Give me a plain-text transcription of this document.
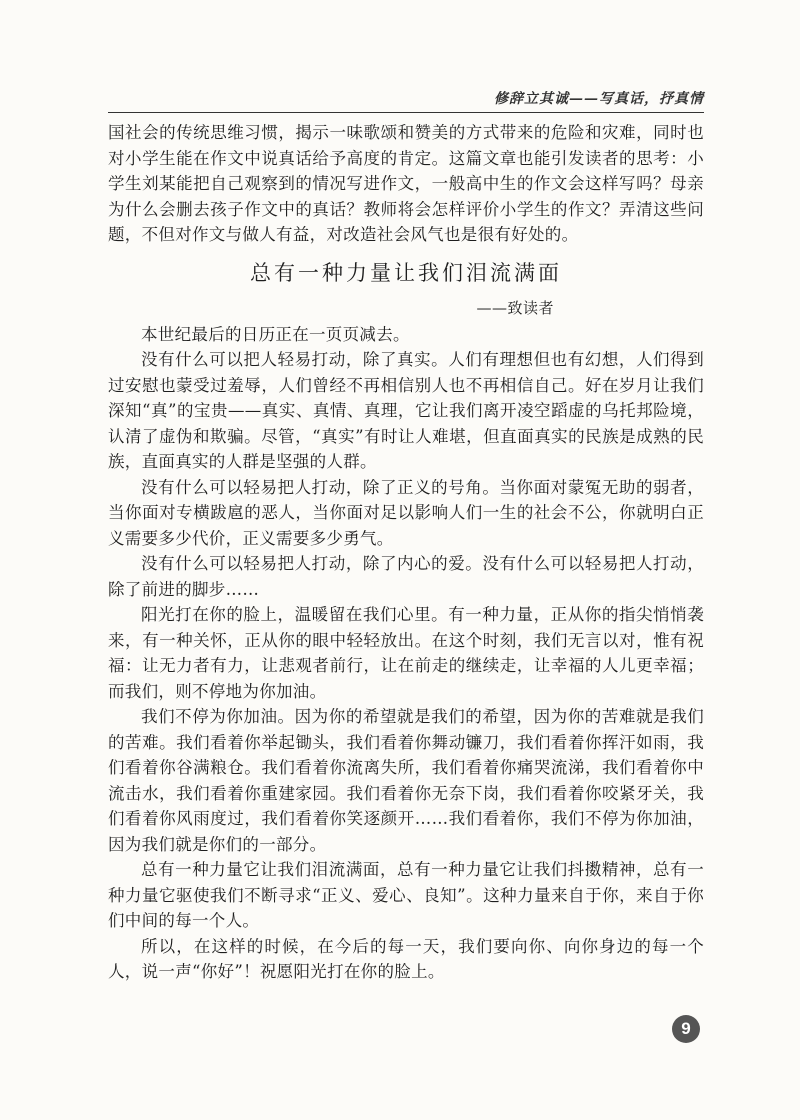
修辞立其诚——写真话，抒真情

国社会的传统思维习惯，揭示一味歌颂和赞美的方式带来的危险和灾难，同时也对小学生能在作文中说真话给予高度的肯定。这篇文章也能引发读者的思考：小学生刘某能把自己观察到的情况写进作文，一般高中生的作文会这样写吗？母亲为什么会删去孩子作文中的真话？教师将会怎样评价小学生的作文？弄清这些问题，不但对作文与做人有益，对改造社会风气也是很有好处的。

总有一种力量让我们泪流满面
——致读者

本世纪最后的日历正在一页页减去。

没有什么可以把人轻易打动，除了真实。人们有理想但也有幻想，人们得到过安慰也蒙受过羞辱，人们曾经不再相信别人也不再相信自己。好在岁月让我们深知“真”的宝贵——真实、真情、真理，它让我们离开凌空蹈虚的乌托邦险境，认清了虚伪和欺骗。尽管，“真实”有时让人难堪，但直面真实的民族是成熟的民族，直面真实的人群是坚强的人群。

没有什么可以轻易把人打动，除了正义的号角。当你面对蒙冤无助的弱者，当你面对专横跋扈的恶人，当你面对足以影响人们一生的社会不公，你就明白正义需要多少代价，正义需要多少勇气。

没有什么可以轻易把人打动，除了内心的爱。没有什么可以轻易把人打动，除了前进的脚步……

阳光打在你的脸上，温暖留在我们心里。有一种力量，正从你的指尖悄悄袭来，有一种关怀，正从你的眼中轻轻放出。在这个时刻，我们无言以对，惟有祝福：让无力者有力，让悲观者前行，让在前走的继续走，让幸福的人儿更幸福；而我们，则不停地为你加油。

我们不停为你加油。因为你的希望就是我们的希望，因为你的苦难就是我们的苦难。我们看着你举起锄头，我们看着你舞动镰刀，我们看着你挥汗如雨，我们看着你谷满粮仓。我们看着你流离失所，我们看着你痛哭流涕，我们看着你中流击水，我们看着你重建家园。我们看着你无奈下岗，我们看着你咬紧牙关，我们看着你风雨度过，我们看着你笑逐颜开……我们看着你，我们不停为你加油，因为我们就是你们的一部分。

总有一种力量它让我们泪流满面，总有一种力量它让我们抖擞精神，总有一种力量它驱使我们不断寻求“正义、爱心、良知”。这种力量来自于你，来自于你们中间的每一个人。

所以，在这样的时候，在今后的每一天，我们要向你、向你身边的每一个人，说一声“你好”！祝愿阳光打在你的脸上。

9
